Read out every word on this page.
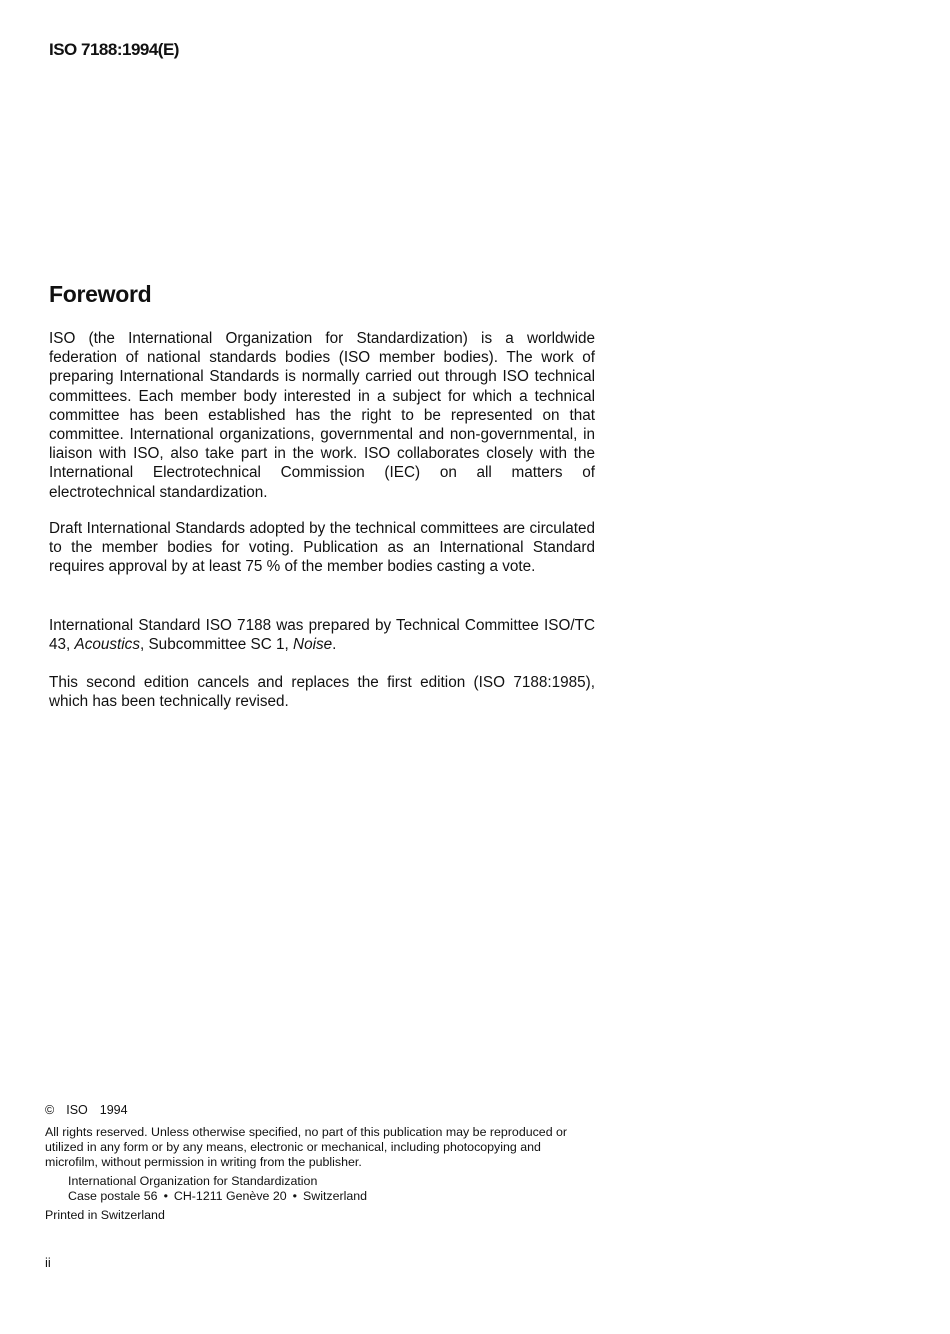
ISO 7188:1994(E)
Foreword

ISO (the International Organization for Standardization) is a worldwide federation of national standards bodies (ISO member bodies). The work of preparing International Standards is normally carried out through ISO technical committees. Each member body interested in a subject for which a technical committee has been established has the right to be represented on that committee. International organizations, governmental and non-governmental, in liaison with ISO, also take part in the work. ISO collaborates closely with the International Electrotechnical Commission (IEC) on all matters of electrotechnical standardization.

Draft International Standards adopted by the technical committees are circulated to the member bodies for voting. Publication as an International Standard requires approval by at least 75 % of the member bodies casting a vote.

International Standard ISO 7188 was prepared by Technical Committee ISO/TC 43, Acoustics, Subcommittee SC 1, Noise.

This second edition cancels and replaces the first edition (ISO 7188:1985), which has been technically revised.

© ISO 1994

All rights reserved. Unless otherwise specified, no part of this publication may be reproduced or utilized in any form or by any means, electronic or mechanical, including photocopying and microfilm, without permission in writing from the publisher.

International Organization for Standardization
Case postale 56 • CH-1211 Genève 20 • Switzerland
Printed in Switzerland
ii
